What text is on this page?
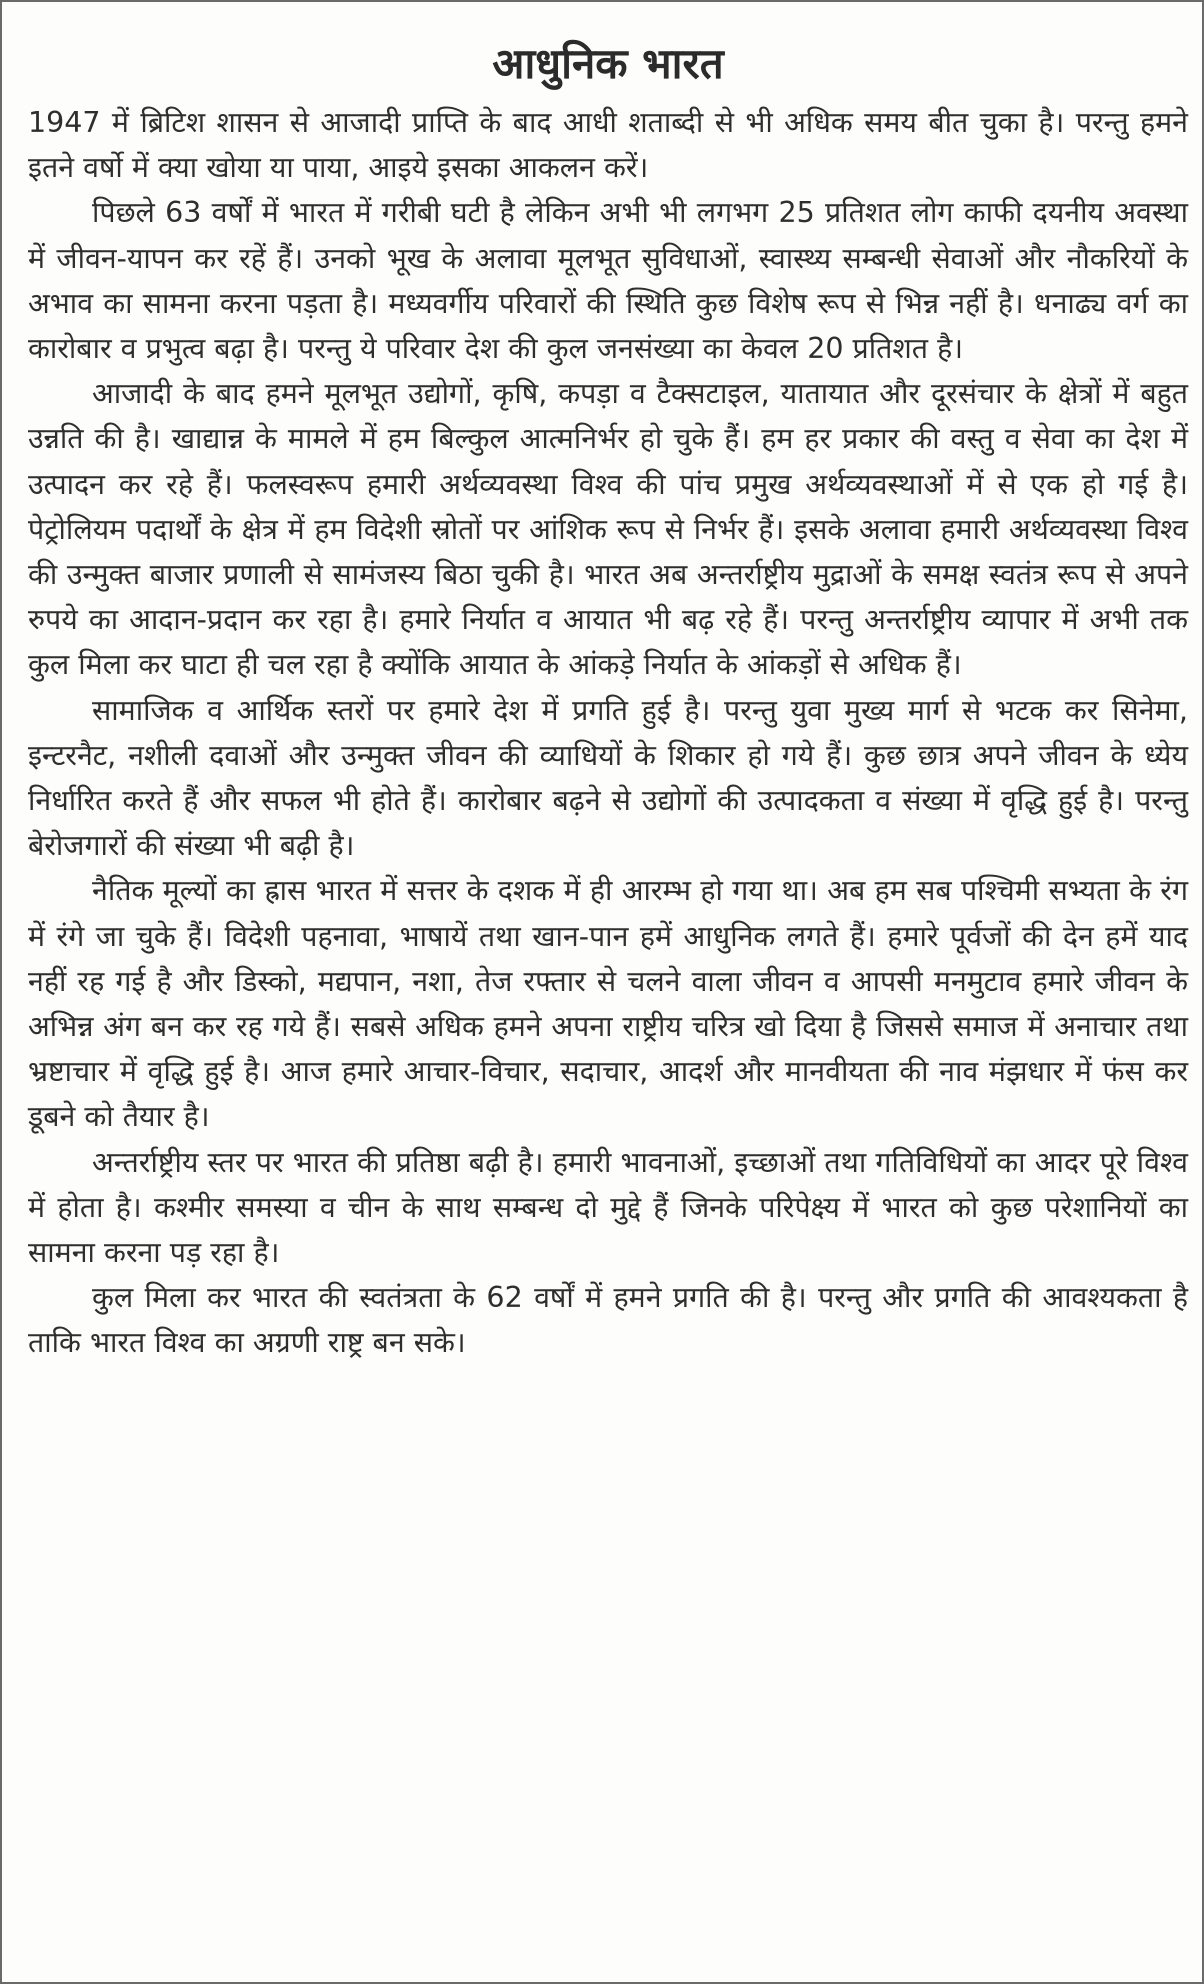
आधुनिक भारत

1947 में ब्रिटिश शासन से आजादी प्राप्ति के बाद आधी शताब्दी से भी अधिक समय बीत चुका है। परन्तु हमने इतने वर्षो में क्या खोया या पाया, आइये इसका आकलन करें।

पिछले 63 वर्षों में भारत में गरीबी घटी है लेकिन अभी भी लगभग 25 प्रतिशत लोग काफी दयनीय अवस्था में जीवन-यापन कर रहें हैं। उनको भूख के अलावा मूलभूत सुविधाओं, स्वास्थ्य सम्बन्धी सेवाओं और नौकरियों के अभाव का सामना करना पड़ता है। मध्यवर्गीय परिवारों की स्थिति कुछ विशेष रूप से भिन्न नहीं है। धनाढ्य वर्ग का कारोबार व प्रभुत्व बढ़ा है। परन्तु ये परिवार देश की कुल जनसंख्या का केवल 20 प्रतिशत है।

आजादी के बाद हमने मूलभूत उद्योगों, कृषि, कपड़ा व टैक्सटाइल, यातायात और दूरसंचार के क्षेत्रों में बहुत उन्नति की है। खाद्यान्न के मामले में हम बिल्कुल आत्मनिर्भर हो चुके हैं। हम हर प्रकार की वस्तु व सेवा का देश में उत्पादन कर रहे हैं। फलस्वरूप हमारी अर्थव्यवस्था विश्व की पांच प्रमुख अर्थव्यवस्थाओं में से एक हो गई है। पेट्रोलियम पदार्थों के क्षेत्र में हम विदेशी स्रोतों पर आंशिक रूप से निर्भर हैं। इसके अलावा हमारी अर्थव्यवस्था विश्व की उन्मुक्त बाजार प्रणाली से सामंजस्य बिठा चुकी है। भारत अब अन्तर्राष्ट्रीय मुद्राओं के समक्ष स्वतंत्र रूप से अपने रुपये का आदान-प्रदान कर रहा है। हमारे निर्यात व आयात भी बढ़ रहे हैं। परन्तु अन्तर्राष्ट्रीय व्यापार में अभी तक कुल मिला कर घाटा ही चल रहा है क्योंकि आयात के आंकड़े निर्यात के आंकड़ों से अधिक हैं।

सामाजिक व आर्थिक स्तरों पर हमारे देश में प्रगति हुई है। परन्तु युवा मुख्य मार्ग से भटक कर सिनेमा, इन्टरनैट, नशीली दवाओं और उन्मुक्त जीवन की व्याधियों के शिकार हो गये हैं। कुछ छात्र अपने जीवन के ध्येय निर्धारित करते हैं और सफल भी होते हैं। कारोबार बढ़ने से उद्योगों की उत्पादकता व संख्या में वृद्धि हुई है। परन्तु बेरोजगारों की संख्या भी बढ़ी है।

नैतिक मूल्यों का ह्रास भारत में सत्तर के दशक में ही आरम्भ हो गया था। अब हम सब पश्चिमी सभ्यता के रंग में रंगे जा चुके हैं। विदेशी पहनावा, भाषायें तथा खान-पान हमें आधुनिक लगते हैं। हमारे पूर्वजों की देन हमें याद नहीं रह गई है और डिस्को, मद्यपान, नशा, तेज रफ्तार से चलने वाला जीवन व आपसी मनमुटाव हमारे जीवन के अभिन्न अंग बन कर रह गये हैं। सबसे अधिक हमने अपना राष्ट्रीय चरित्र खो दिया है जिससे समाज में अनाचार तथा भ्रष्टाचार में वृद्धि हुई है। आज हमारे आचार-विचार, सदाचार, आदर्श और मानवीयता की नाव मंझधार में फंस कर डूबने को तैयार है।

अन्तर्राष्ट्रीय स्तर पर भारत की प्रतिष्ठा बढ़ी है। हमारी भावनाओं, इच्छाओं तथा गतिविधियों का आदर पूरे विश्व में होता है। कश्मीर समस्या व चीन के साथ सम्बन्ध दो मुद्दे हैं जिनके परिपेक्ष्य में भारत को कुछ परेशानियों का सामना करना पड़ रहा है।

कुल मिला कर भारत की स्वतंत्रता के 62 वर्षों में हमने प्रगति की है। परन्तु और प्रगति की आवश्यकता है ताकि भारत विश्व का अग्रणी राष्ट्र बन सके।
